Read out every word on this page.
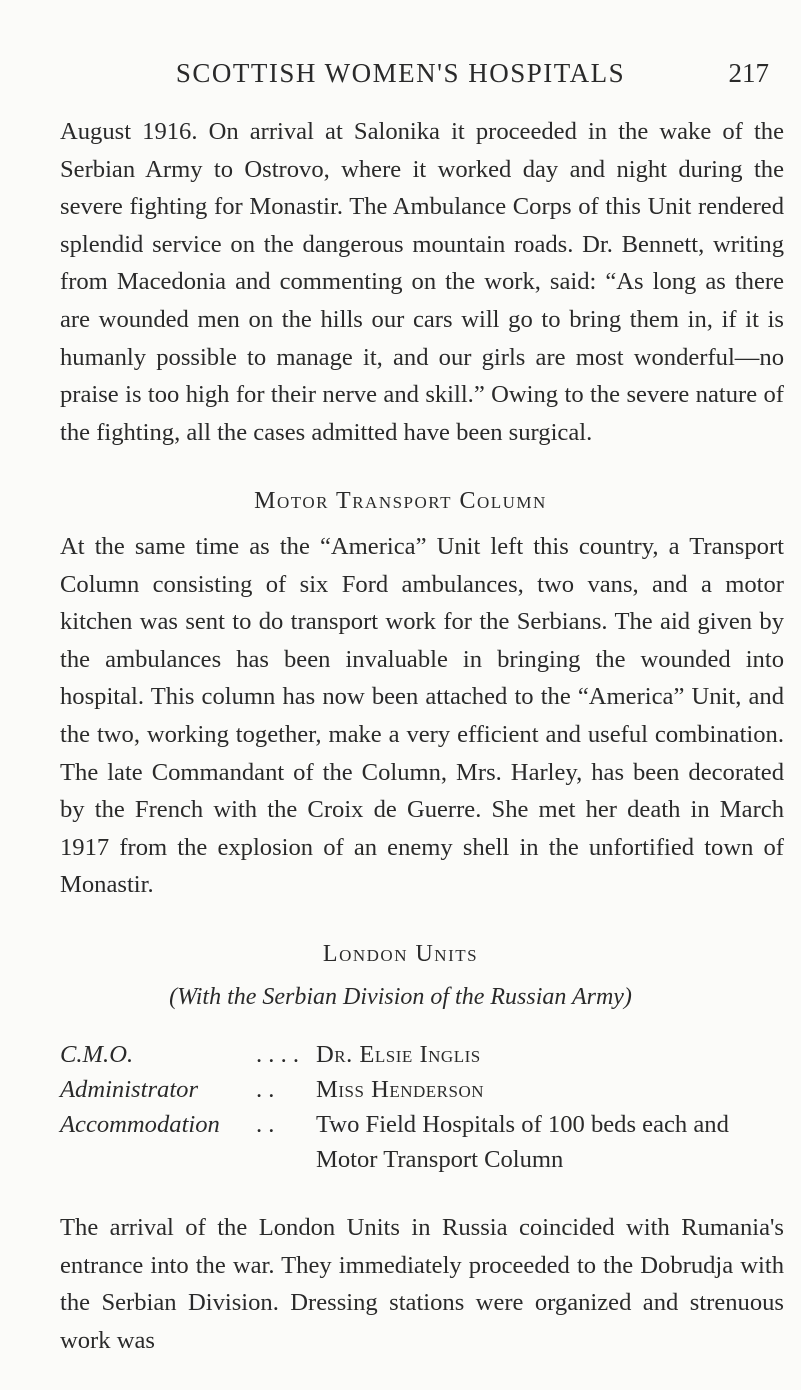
SCOTTISH WOMEN'S HOSPITALS	217

August 1916. On arrival at Salonika it proceeded in the wake of the Serbian Army to Ostrovo, where it worked day and night during the severe fighting for Monastir. The Ambulance Corps of this Unit rendered splendid service on the dangerous mountain roads. Dr. Bennett, writing from Macedonia and commenting on the work, said: “As long as there are wounded men on the hills our cars will go to bring them in, if it is humanly possible to manage it, and our girls are most wonderful—no praise is too high for their nerve and skill.” Owing to the severe nature of the fighting, all the cases admitted have been surgical.

Motor Transport Column

At the same time as the “America” Unit left this country, a Transport Column consisting of six Ford ambulances, two vans, and a motor kitchen was sent to do transport work for the Serbians. The aid given by the ambulances has been invaluable in bringing the wounded into hospital. This column has now been attached to the “America” Unit, and the two, working together, make a very efficient and useful combination. The late Commandant of the Column, Mrs. Harley, has been decorated by the French with the Croix de Guerre. She met her death in March 1917 from the explosion of an enemy shell in the unfortified town of Monastir.

London Units

(With the Serbian Division of the Russian Army)

C.M.O.	. . . . Dr. Elsie Inglis
Administrator	. .	Miss Henderson
Accommodation	. .	Two Field Hospitals of 100 beds each and Motor Transport Column

The arrival of the London Units in Russia coincided with Rumania's entrance into the war. They immediately proceeded to the Dobrudja with the Serbian Division. Dressing stations were organized and strenuous work was
